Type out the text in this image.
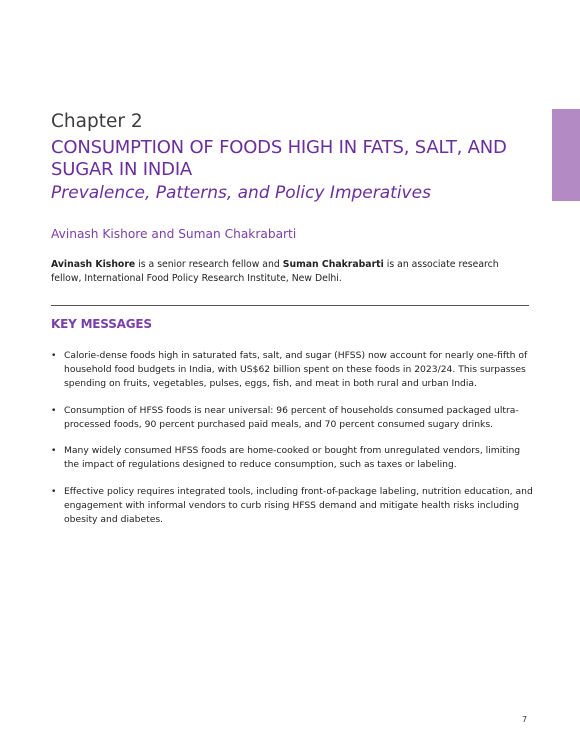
Chapter 2
CONSUMPTION OF FOODS HIGH IN FATS, SALT, AND SUGAR IN INDIA
Prevalence, Patterns, and Policy Imperatives
Avinash Kishore and Suman Chakrabarti
Avinash Kishore is a senior research fellow and Suman Chakrabarti is an associate research fellow, International Food Policy Research Institute, New Delhi.
KEY MESSAGES
• Calorie-dense foods high in saturated fats, salt, and sugar (HFSS) now account for nearly one-fifth of household food budgets in India, with US$62 billion spent on these foods in 2023/24. This surpasses spending on fruits, vegetables, pulses, eggs, fish, and meat in both rural and urban India.
• Consumption of HFSS foods is near universal: 96 percent of households consumed packaged ultra-processed foods, 90 percent purchased paid meals, and 70 percent consumed sugary drinks.
• Many widely consumed HFSS foods are home-cooked or bought from unregulated vendors, limiting the impact of regulations designed to reduce consumption, such as taxes or labeling.
• Effective policy requires integrated tools, including front-of-package labeling, nutrition education, and engagement with informal vendors to curb rising HFSS demand and mitigate health risks including obesity and diabetes.
7
